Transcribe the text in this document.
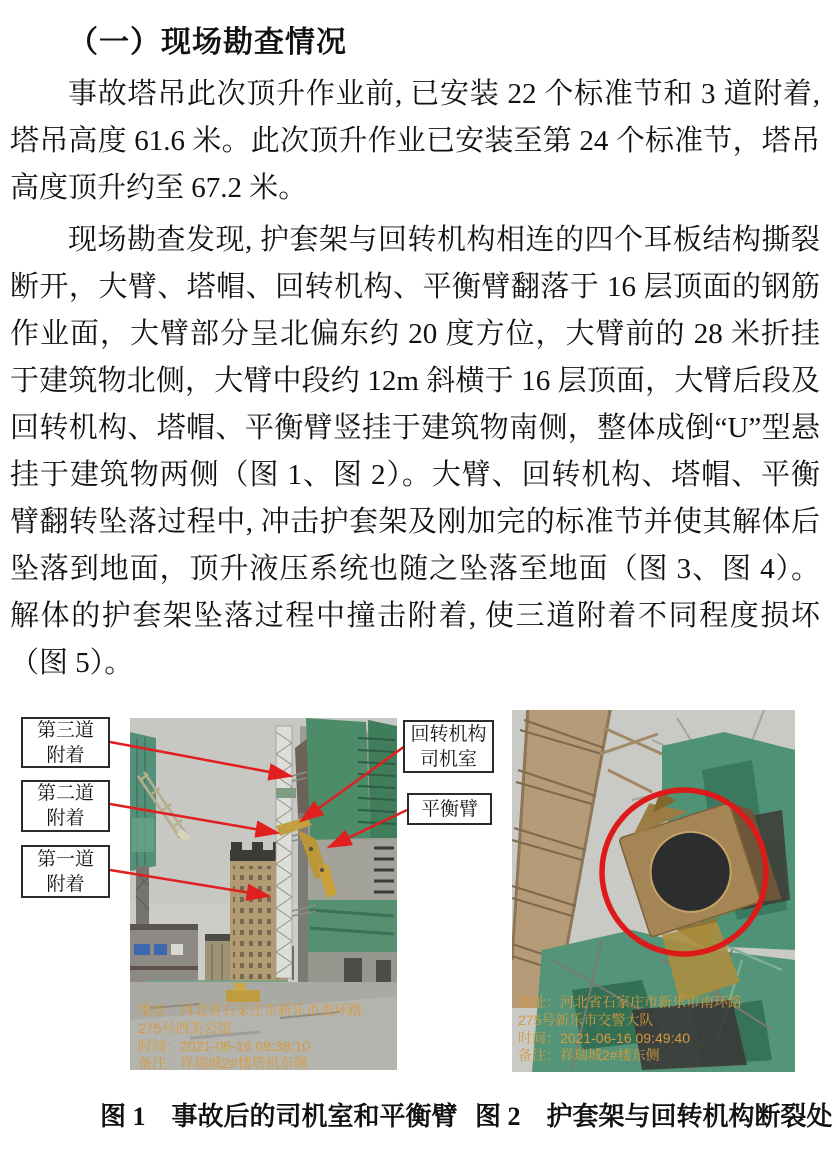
（一）现场勘查情况

事故塔吊此次顶升作业前, 已安装 22 个标准节和 3 道附着, 塔吊高度 61.6 米。此次顶升作业已安装至第 24 个标准节，塔吊高度顶升约至 67.2 米。

现场勘查发现, 护套架与回转机构相连的四个耳板结构撕裂断开，大臂、塔帽、回转机构、平衡臂翻落于 16 层顶面的钢筋作业面，大臂部分呈北偏东约 20 度方位，大臂前的 28 米折挂于建筑物北侧，大臂中段约 12m 斜横于 16 层顶面，大臂后段及回转机构、塔帽、平衡臂竖挂于建筑物南侧，整体成倒“U”型悬挂于建筑物两侧（图 1、图 2）。大臂、回转机构、塔帽、平衡臂翻转坠落过程中, 冲击护套架及刚加完的标准节并使其解体后坠落到地面，顶升液压系统也随之坠落至地面（图 3、图 4）。解体的护套架坠落过程中撞击附着, 使三道附着不同程度损坏（图 5）。

第三道
附着
第二道
附着
第一道
附着
回转机构
司机室
平衡臂
地址：河北省石家庄市新乐市南环路
275号西美公馆
时间：2021-06-16 09:38:10
备注：祥瑞城2#楼塔机东侧
地址：河北省石家庄市新乐市南环路
275号新乐市交警大队
时间：2021-06-16 09:49:40
备注：祥瑞城2#楼东侧
图 1　事故后的司机室和平衡臂 图 2　护套架与回转机构断裂处
